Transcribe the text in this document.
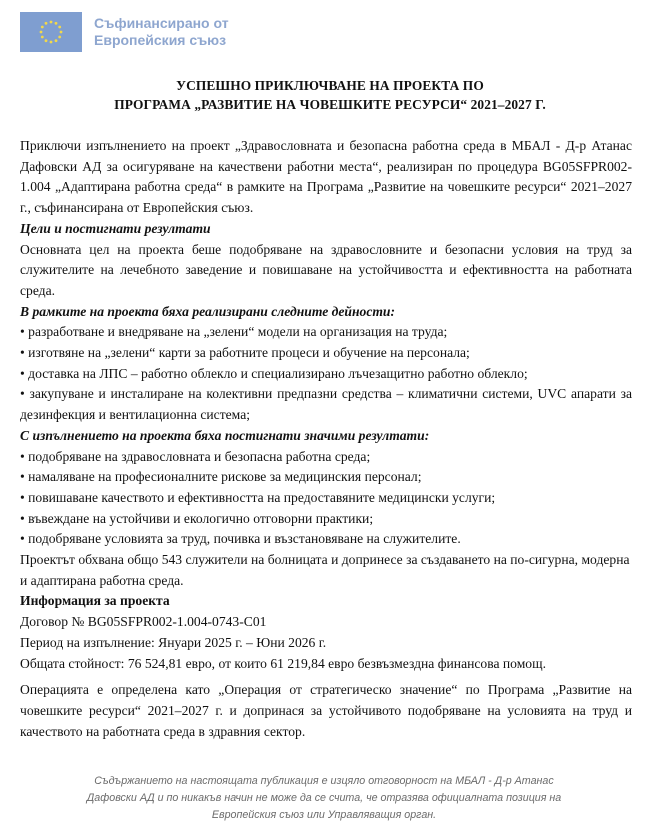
Съфинансирано от
Европейския съюз
УСПЕШНО ПРИКЛЮЧВАНЕ НА ПРОЕКТА ПО
ПРОГРАМА „РАЗВИТИЕ НА ЧОВЕШКИТЕ РЕСУРСИ“ 2021–2027 Г.

Приключи изпълнението на проект „Здравословната и безопасна работна среда в МБАЛ - Д-р Атанас Дафовски АД за осигуряване на качествени работни места“, реализиран по процедура BG05SFPR002-1.004 „Адаптирана работна среда“ в рамките на Програма „Развитие на човешките ресурси“ 2021–2027 г., съфинансирана от Европейския съюз.

Цели и постигнати резултати

Основната цел на проекта беше подобряване на здравословните и безопасни условия на труд за служителите на лечебното заведение и повишаване на устойчивостта и ефективността на работната среда.

В рамките на проекта бяха реализирани следните дейности:

• разработване и внедряване на „зелени“ модели на организация на труда;
• изготвяне на „зелени“ карти за работните процеси и обучение на персонала;
• доставка на ЛПС – работно облекло и специализирано лъчезащитно работно облекло;
• закупуване и инсталиране на колективни предпазни средства – климатични системи, UVC апарати за дезинфекция и вентилационна система;

С изпълнението на проекта бяха постигнати значими резултати:

• подобряване на здравословната и безопасна работна среда;
• намаляване на професионалните рискове за медицинския персонал;
• повишаване качеството и ефективността на предоставяните медицински услуги;
• въвеждане на устойчиви и екологично отговорни практики;
• подобряване условията за труд, почивка и възстановяване на служителите.

Проектът обхвана общо 543 служители на болницата и допринесе за създаването на по-сигурна, модерна и адаптирана работна среда.

Информация за проекта

Договор № BG05SFPR002-1.004-0743-C01

Период на изпълнение: Януари 2025 г. – Юни 2026 г.

Общата стойност: 76 524,81 евро, от които 61 219,84 евро безвъзмездна финансова помощ.

Операцията е определена като „Операция от стратегическо значение“ по Програма „Развитие на човешките ресурси“ 2021–2027 г. и допринася за устойчивото подобряване на условията на труд и качеството на работната среда в здравния сектор.

Съдържанието на настоящата публикация е изцяло отговорност на МБАЛ - Д-р Атанас
Дафовски АД и по никакъв начин не може да се счита, че отразява официалната позиция на
Европейския съюз или Управляващия орган.
